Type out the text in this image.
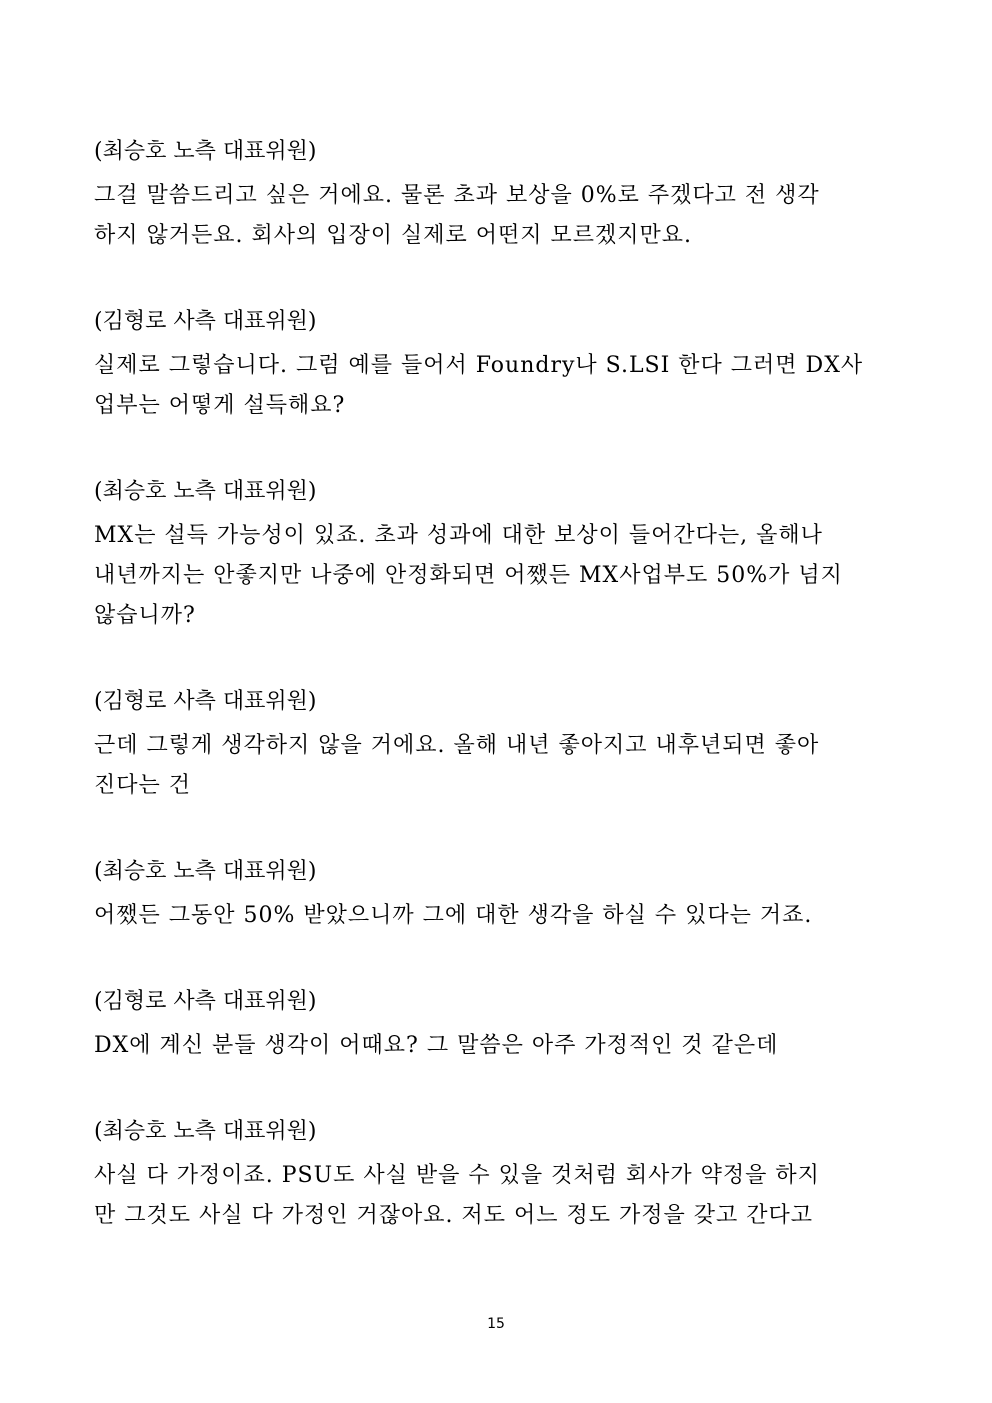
(최승호 노측 대표위원)

그걸 말씀드리고 싶은 거에요. 물론 초과 보상을 0%로 주겠다고 전 생각

하지 않거든요. 회사의 입장이 실제로 어떤지 모르겠지만요.

(김형로 사측 대표위원)

실제로 그렇습니다. 그럼 예를 들어서 Foundry나 S.LSI 한다 그러면 DX사

업부는 어떻게 설득해요?

(최승호 노측 대표위원)

MX는 설득 가능성이 있죠. 초과 성과에 대한 보상이 들어간다는, 올해나

내년까지는 안좋지만 나중에 안정화되면 어쨌든 MX사업부도 50%가 넘지

않습니까?

(김형로 사측 대표위원)

근데 그렇게 생각하지 않을 거에요. 올해 내년 좋아지고 내후년되면 좋아

진다는 건

(최승호 노측 대표위원)

어쨌든 그동안 50% 받았으니까 그에 대한 생각을 하실 수 있다는 거죠.

(김형로 사측 대표위원)

DX에 계신 분들 생각이 어때요? 그 말씀은 아주 가정적인 것 같은데

(최승호 노측 대표위원)

사실 다 가정이죠. PSU도 사실 받을 수 있을 것처럼 회사가 약정을 하지

만 그것도 사실 다 가정인 거잖아요. 저도 어느 정도 가정을 갖고 간다고

15
